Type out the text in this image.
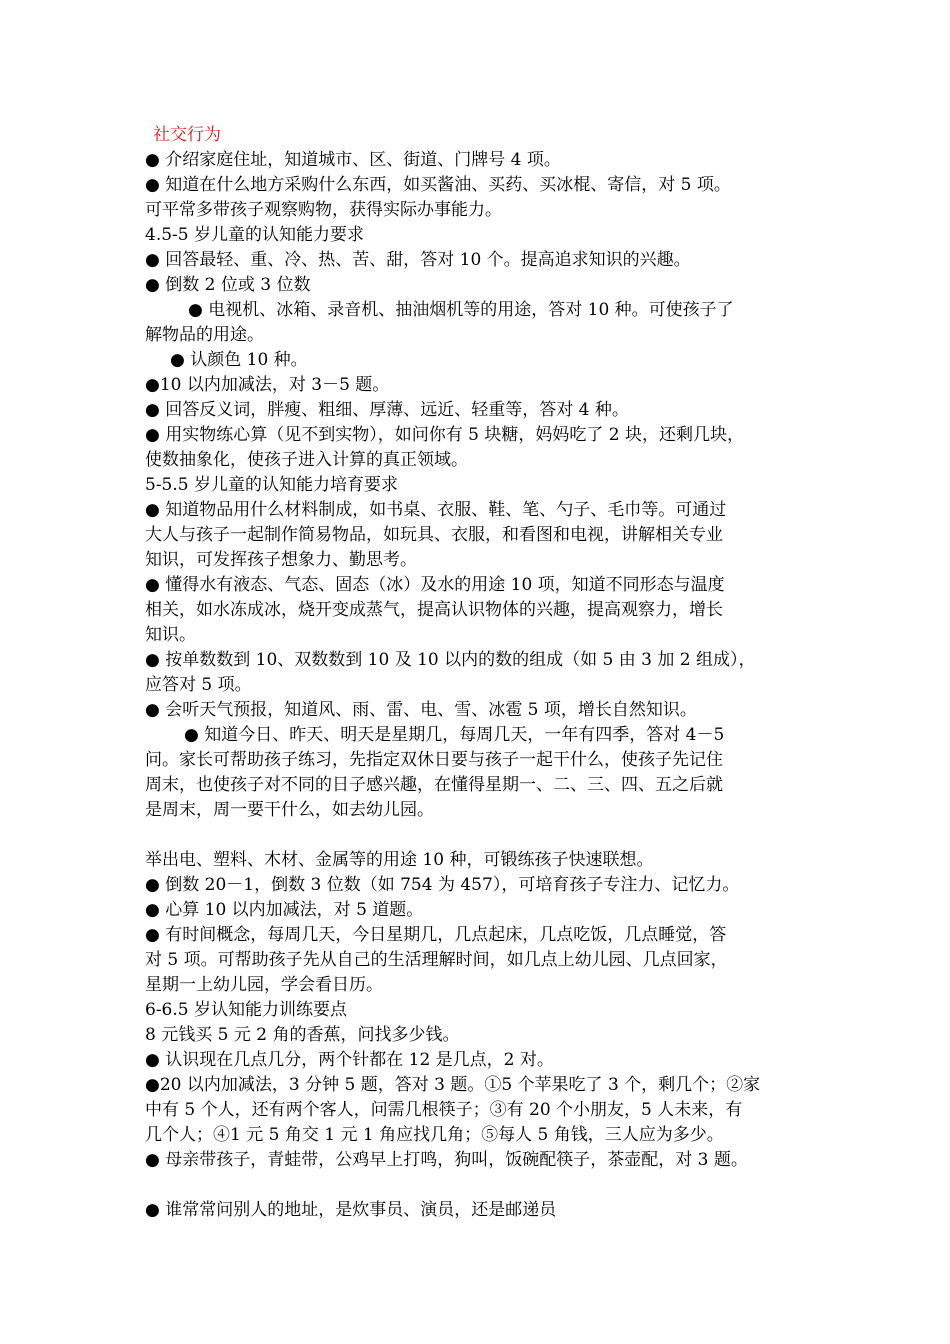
社交行为
● 介绍家庭住址，知道城市、区、街道、门牌号 4 项。
● 知道在什么地方采购什么东西，如买酱油、买药、买冰棍、寄信，对 5 项。
可平常多带孩子观察购物，获得实际办事能力。
4.5-5 岁儿童的认知能力要求
● 回答最轻、重、冷、热、苦、甜，答对 10 个。提高追求知识的兴趣。
● 倒数 2 位或 3 位数
● 电视机、冰箱、录音机、抽油烟机等的用途，答对 10 种。可使孩子了
解物品的用途。
● 认颜色 10 种。
●10 以内加减法，对 3－5 题。
● 回答反义词，胖瘦、粗细、厚薄、远近、轻重等，答对 4 种。
● 用实物练心算（见不到实物），如问你有 5 块糖，妈妈吃了 2 块，还剩几块，
使数抽象化，使孩子进入计算的真正领域。
5-5.5 岁儿童的认知能力培育要求
● 知道物品用什么材料制成，如书桌、衣服、鞋、笔、勺子、毛巾等。可通过
大人与孩子一起制作简易物品，如玩具、衣服，和看图和电视，讲解相关专业
知识，可发挥孩子想象力、勤思考。
● 懂得水有液态、气态、固态（冰）及水的用途 10 项，知道不同形态与温度
相关，如水冻成冰，烧开变成蒸气，提高认识物体的兴趣，提高观察力，增长
知识。
● 按单数数到 10、双数数到 10 及 10 以内的数的组成（如 5 由 3 加 2 组成），
应答对 5 项。
● 会听天气预报，知道风、雨、雷、电、雪、冰雹 5 项，增长自然知识。
● 知道今日、昨天、明天是星期几，每周几天，一年有四季，答对 4－5
问。家长可帮助孩子练习，先指定双休日要与孩子一起干什么，使孩子先记住
周末，也使孩子对不同的日子感兴趣，在懂得星期一、二、三、四、五之后就
是周末，周一要干什么，如去幼儿园。
举出电、塑料、木材、金属等的用途 10 种，可锻练孩子快速联想。
● 倒数 20－1，倒数 3 位数（如 754 为 457），可培育孩子专注力、记忆力。
● 心算 10 以内加减法，对 5 道题。
● 有时间概念，每周几天，今日星期几，几点起床，几点吃饭，几点睡觉，答
对 5 项。可帮助孩子先从自己的生活理解时间，如几点上幼儿园、几点回家，
星期一上幼儿园，学会看日历。
6-6.5 岁认知能力训练要点
8 元钱买 5 元 2 角的香蕉，问找多少钱。
● 认识现在几点几分，两个针都在 12 是几点，2 对。
●20 以内加减法，3 分钟 5 题，答对 3 题。①5 个苹果吃了 3 个，剩几个；②家
中有 5 个人，还有两个客人，问需几根筷子；③有 20 个小朋友，5 人未来，有
几个人；④1 元 5 角交 1 元 1 角应找几角；⑤每人 5 角钱，三人应为多少。
● 母亲带孩子，青蛙带，公鸡早上打鸣，狗叫，饭碗配筷子，茶壶配，对 3 题。
● 谁常常问别人的地址，是炊事员、演员，还是邮递员
